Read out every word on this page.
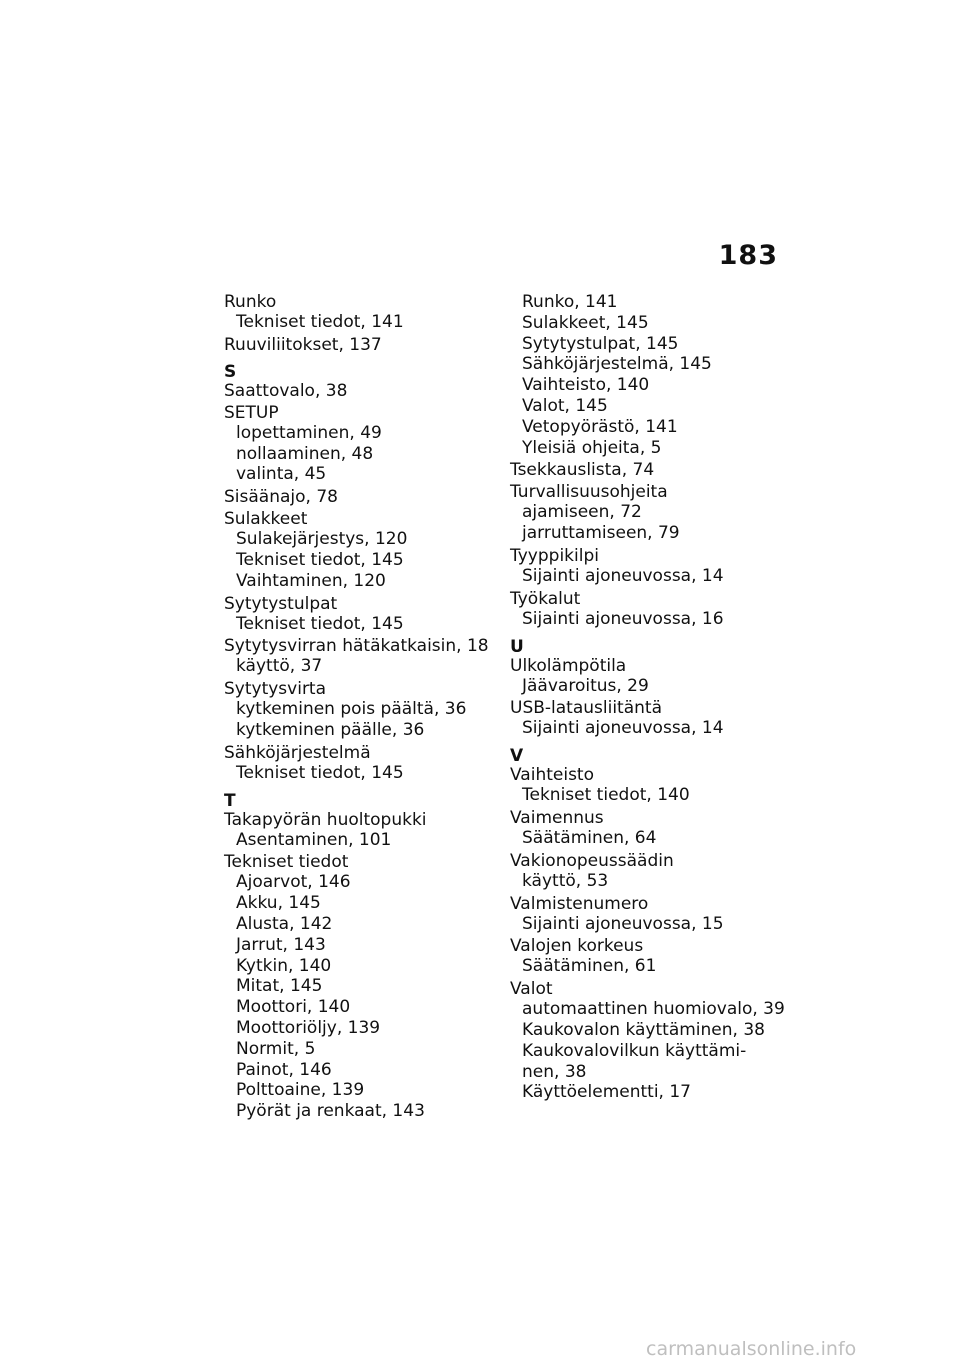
183
Runko
Tekniset tiedot, 141
Ruuviliitokset, 137
S
Saattovalo, 38
SETUP
lopettaminen, 49
nollaaminen, 48
valinta, 45
Sisäänajo, 78
Sulakkeet
Sulakejärjestys, 120
Tekniset tiedot, 145
Vaihtaminen, 120
Sytytystulpat
Tekniset tiedot, 145
Sytytysvirran hätäkatkaisin, 18
käyttö, 37
Sytytysvirta
kytkeminen pois päältä, 36
kytkeminen päälle, 36
Sähköjärjestelmä
Tekniset tiedot, 145
T
Takapyörän huoltopukki
Asentaminen, 101
Tekniset tiedot
Ajoarvot, 146
Akku, 145
Alusta, 142
Jarrut, 143
Kytkin, 140
Mitat, 145
Moottori, 140
Moottoriöljy, 139
Normit, 5
Painot, 146
Polttoaine, 139
Pyörät ja renkaat, 143
Runko, 141
Sulakkeet, 145
Sytytystulpat, 145
Sähköjärjestelmä, 145
Vaihteisto, 140
Valot, 145
Vetopyörästö, 141
Yleisiä ohjeita, 5
Tsekkauslista, 74
Turvallisuusohjeita
ajamiseen, 72
jarruttamiseen, 79
Tyyppikilpi
Sijainti ajoneuvossa, 14
Työkalut
Sijainti ajoneuvossa, 16
U
Ulkolämpötila
Jäävaroitus, 29
USB-latausliitäntä
Sijainti ajoneuvossa, 14
V
Vaihteisto
Tekniset tiedot, 140
Vaimennus
Säätäminen, 64
Vakionopeussäädin
käyttö, 53
Valmistenumero
Sijainti ajoneuvossa, 15
Valojen korkeus
Säätäminen, 61
Valot
automaattinen huomiovalo, 39
Kaukovalon käyttäminen, 38
Kaukovalovilkun käyttämi-
nen, 38
Käyttöelementti, 17
carmanualsonline.info
